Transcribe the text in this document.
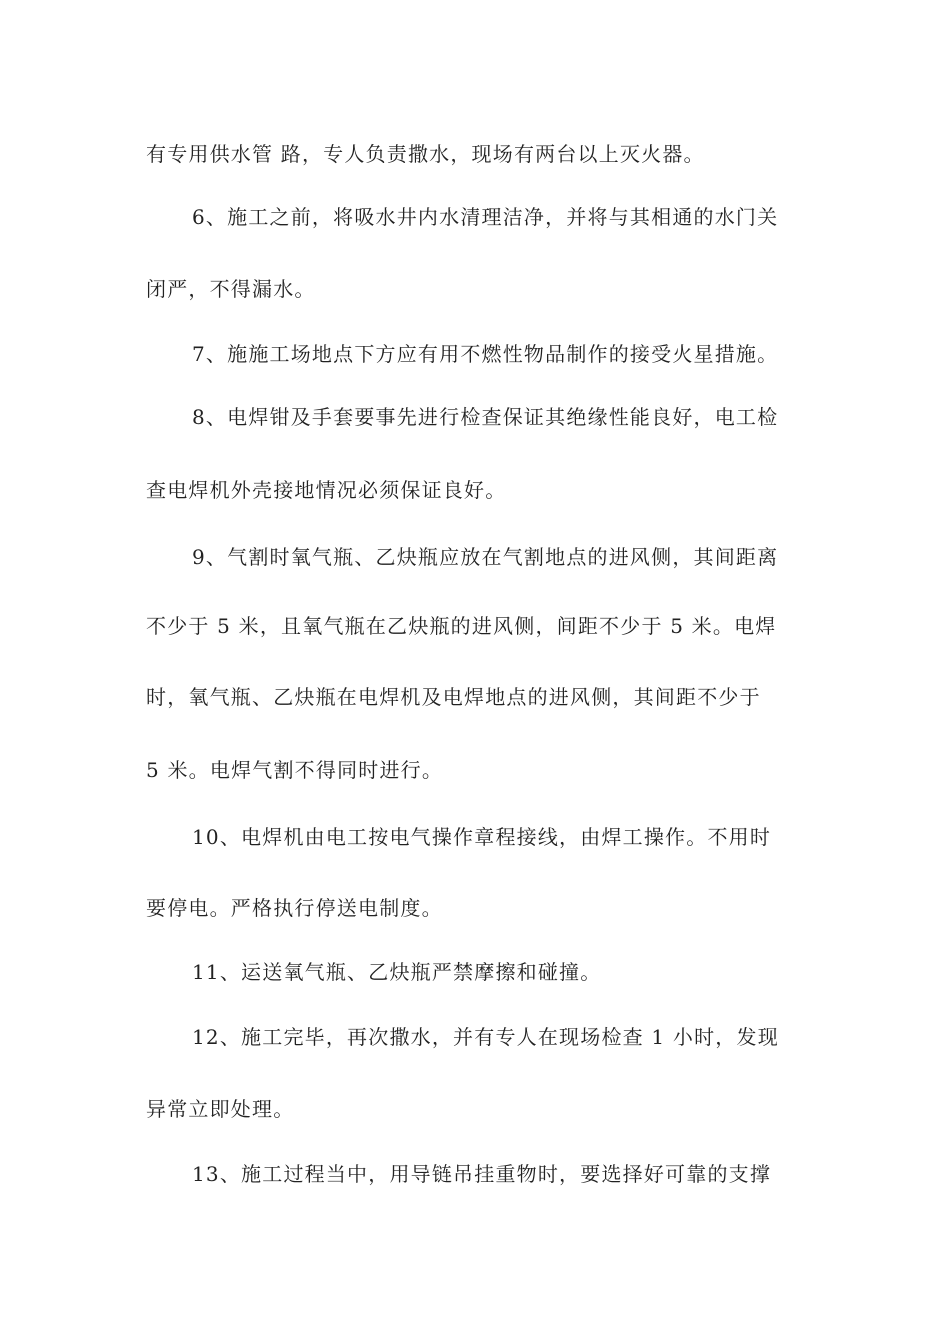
有专用供水管 路，专人负责撒水，现场有两台以上灭火器。
6、施工之前，将吸水井内水清理洁净，并将与其相通的水门关
闭严，不得漏水。
7、施施工场地点下方应有用不燃性物品制作的接受火星措施。
8、电焊钳及手套要事先进行检查保证其绝缘性能良好，电工检
查电焊机外壳接地情况必须保证良好。
9、气割时氧气瓶、乙炔瓶应放在气割地点的进风侧，其间距离
不少于 5 米，且氧气瓶在乙炔瓶的进风侧，间距不少于 5 米。电焊
时，氧气瓶、乙炔瓶在电焊机及电焊地点的进风侧，其间距不少于
5 米。电焊气割不得同时进行。
10、电焊机由电工按电气操作章程接线，由焊工操作。不用时
要停电。严格执行停送电制度。
11、运送氧气瓶、乙炔瓶严禁摩擦和碰撞。
12、施工完毕，再次撒水，并有专人在现场检查 1 小时，发现
异常立即处理。
13、施工过程当中，用导链吊挂重物时，要选择好可靠的支撑
